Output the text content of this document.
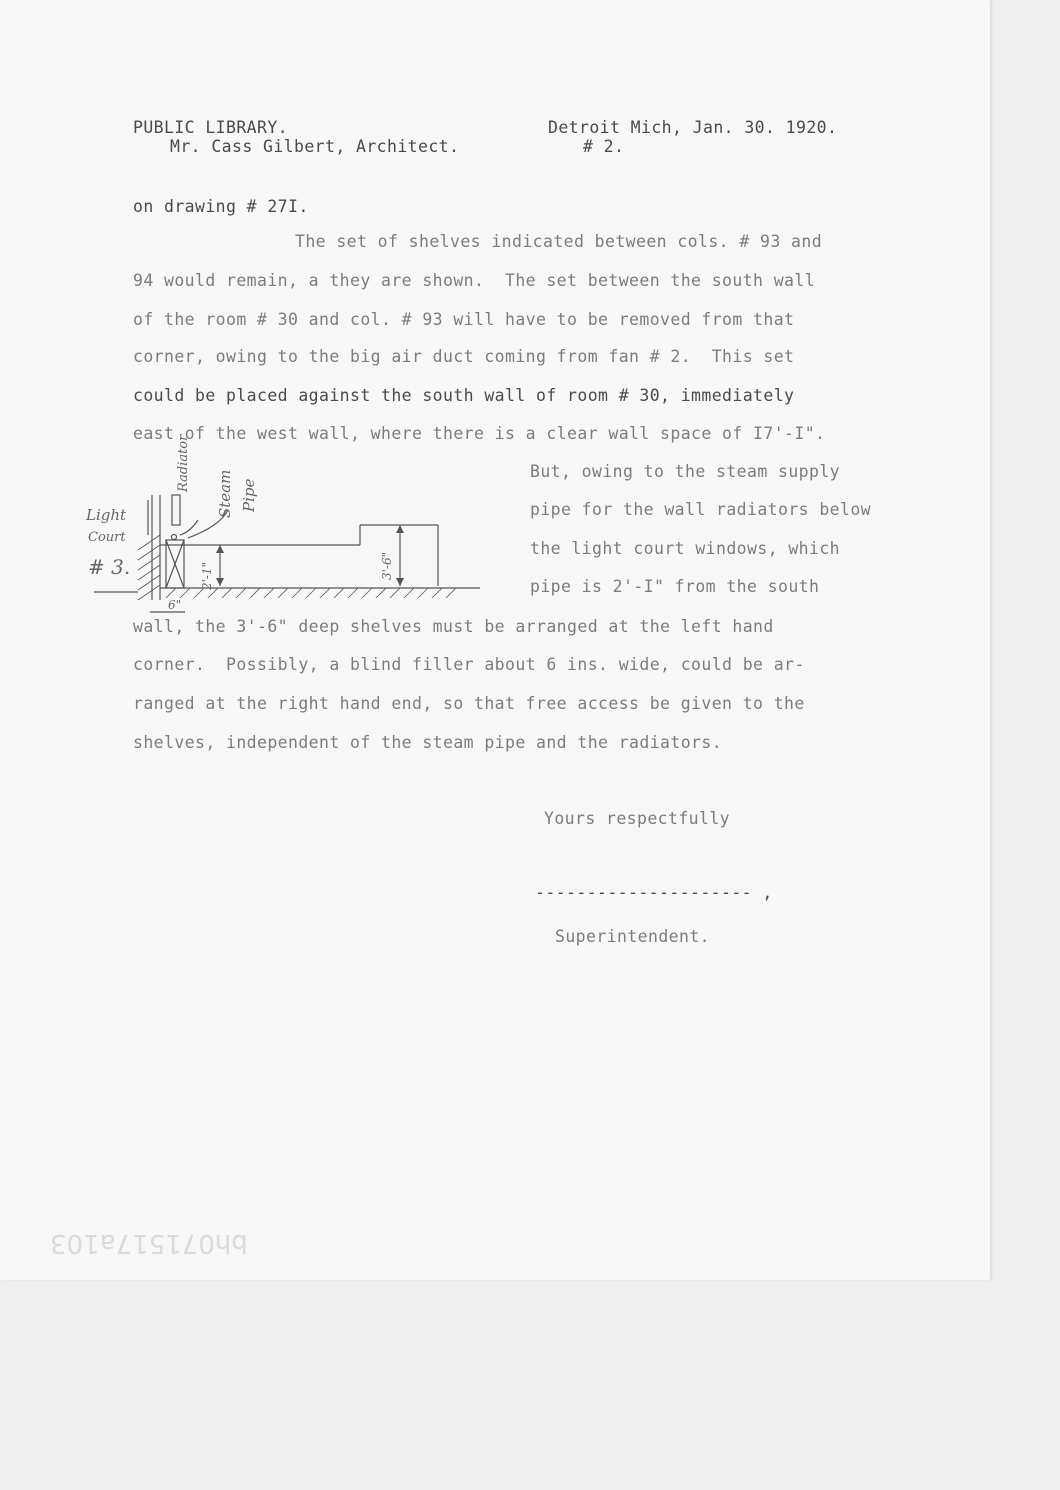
PUBLIC LIBRARY.	Detroit Mich, Jan. 30. 1920.
Mr. Cass Gilbert, Architect.	# 2.
on drawing # 27I.
The set of shelves indicated between cols. # 93 and
94 would remain, a they are shown.  The set between the south wall
of the room # 30 and col. # 93 will have to be removed from that
corner, owing to the big air duct coming from fan # 2.  This set
could be placed against the south wall of room # 30, immediately
east of the west wall, where there is a clear wall space of I7'-I".
But, owing to the steam supply
pipe for the wall radiators below
the light court windows, which
pipe is 2'-I" from the south
wall, the 3'-6" deep shelves must be arranged at the left hand
corner.  Possibly, a blind filler about 6 ins. wide, could be ar-
ranged at the right hand end, so that free access be given to the
shelves, independent of the steam pipe and the radiators.
Yours respectfully
--------------------- ,
Superintendent.
Light
Court
# 3.
Radiator
Steam Pipe
2'-1"	3'-6"
6"
bh071517a103
